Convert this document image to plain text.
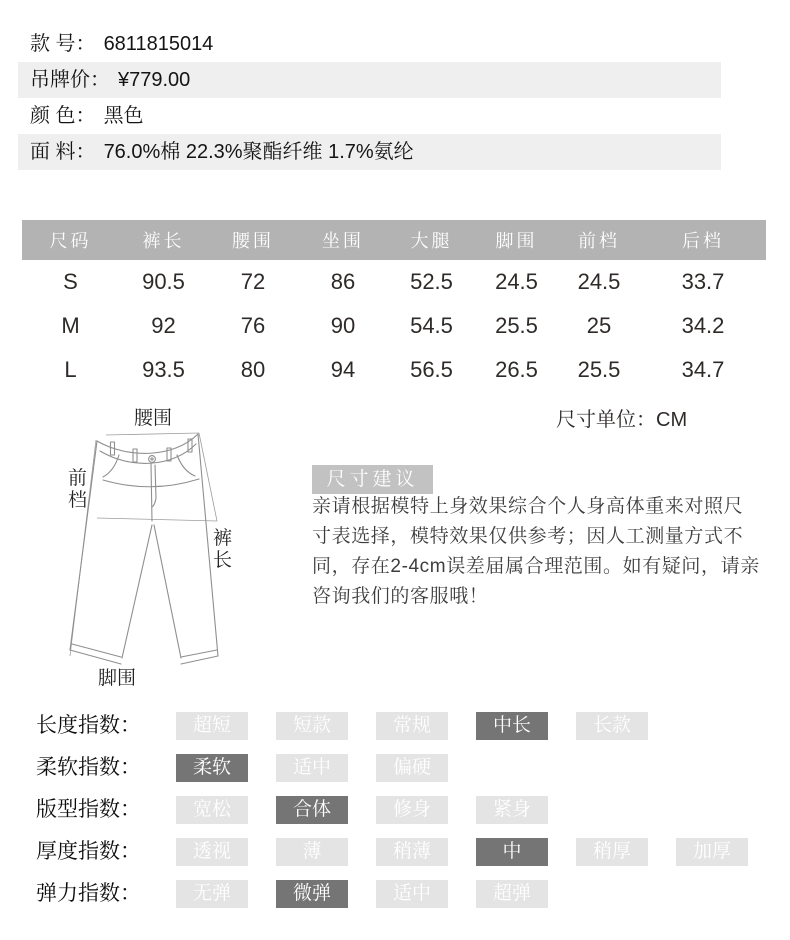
款 号： 6811815014
吊牌价： ¥779.00
颜 色： 黑色
面 料： 76.0%棉 22.3%聚酯纤维 1.7%氨纶
尺码	裤长	腰围	坐围	大腿	脚围	前档	后档
S	90.5	72	86	52.5	24.5	24.5	33.7
M	92	76	90	54.5	25.5	25	34.2
L	93.5	80	94	56.5	26.5	25.5	34.7
尺寸单位：CM
腰围
前档
裤长
脚围
尺寸建议

亲请根据模特上身效果综合个人身高体重来对照尺寸表选择，模特效果仅供参考；因人工测量方式不同，存在2-4cm误差届属合理范围。如有疑问，请亲咨询我们的客服哦！

长度指数：	超短	短款	常规	中长	长款
柔软指数：	柔软	适中	偏硬
版型指数：	宽松	合体	修身	紧身
厚度指数：	透视	薄	稍薄	中	稍厚	加厚
弹力指数：	无弹	微弹	适中	超弹
